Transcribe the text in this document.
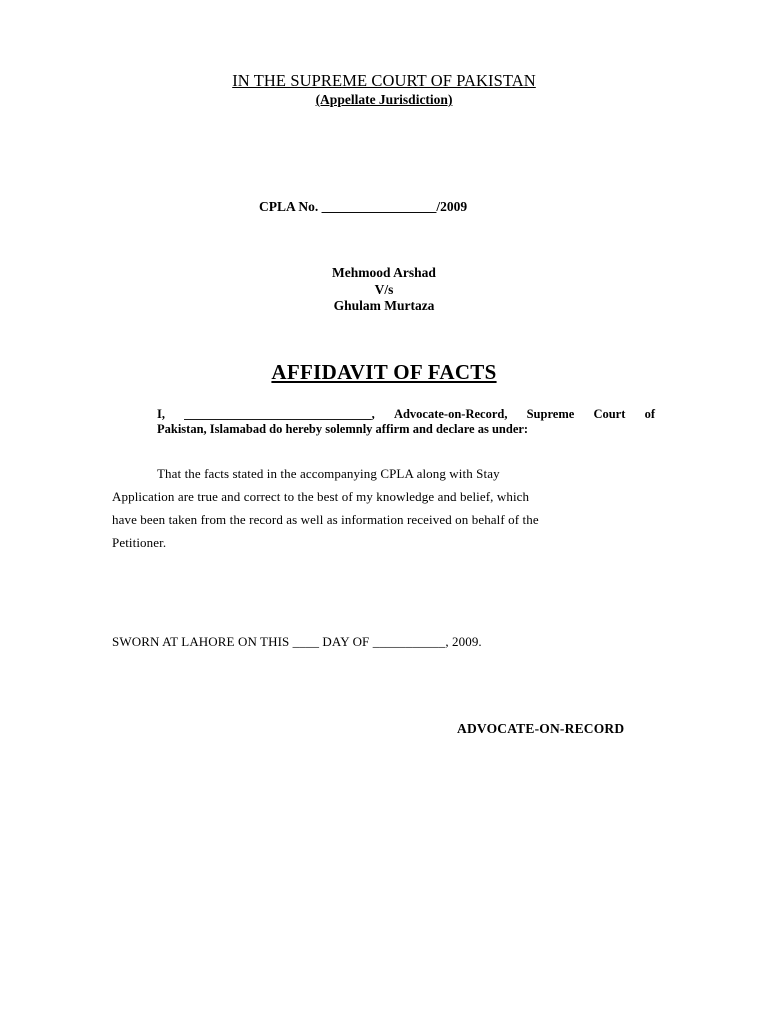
IN THE SUPREME COURT OF PAKISTAN
(Appellate Jurisdiction)
CPLA No. _________________/2009
Mehmood Arshad
V/s
Ghulam Murtaza
AFFIDAVIT OF FACTS
I, ______________________________, Advocate-on-Record, Supreme Court of
Pakistan, Islamabad do hereby solemnly affirm and declare as under:
That the facts stated in the accompanying CPLA along with Stay
Application are true and correct to the best of my knowledge and belief, which
have been taken from the record as well as information received on behalf of the
Petitioner.
SWORN AT LAHORE ON THIS ____ DAY OF ___________, 2009.
ADVOCATE-ON-RECORD
